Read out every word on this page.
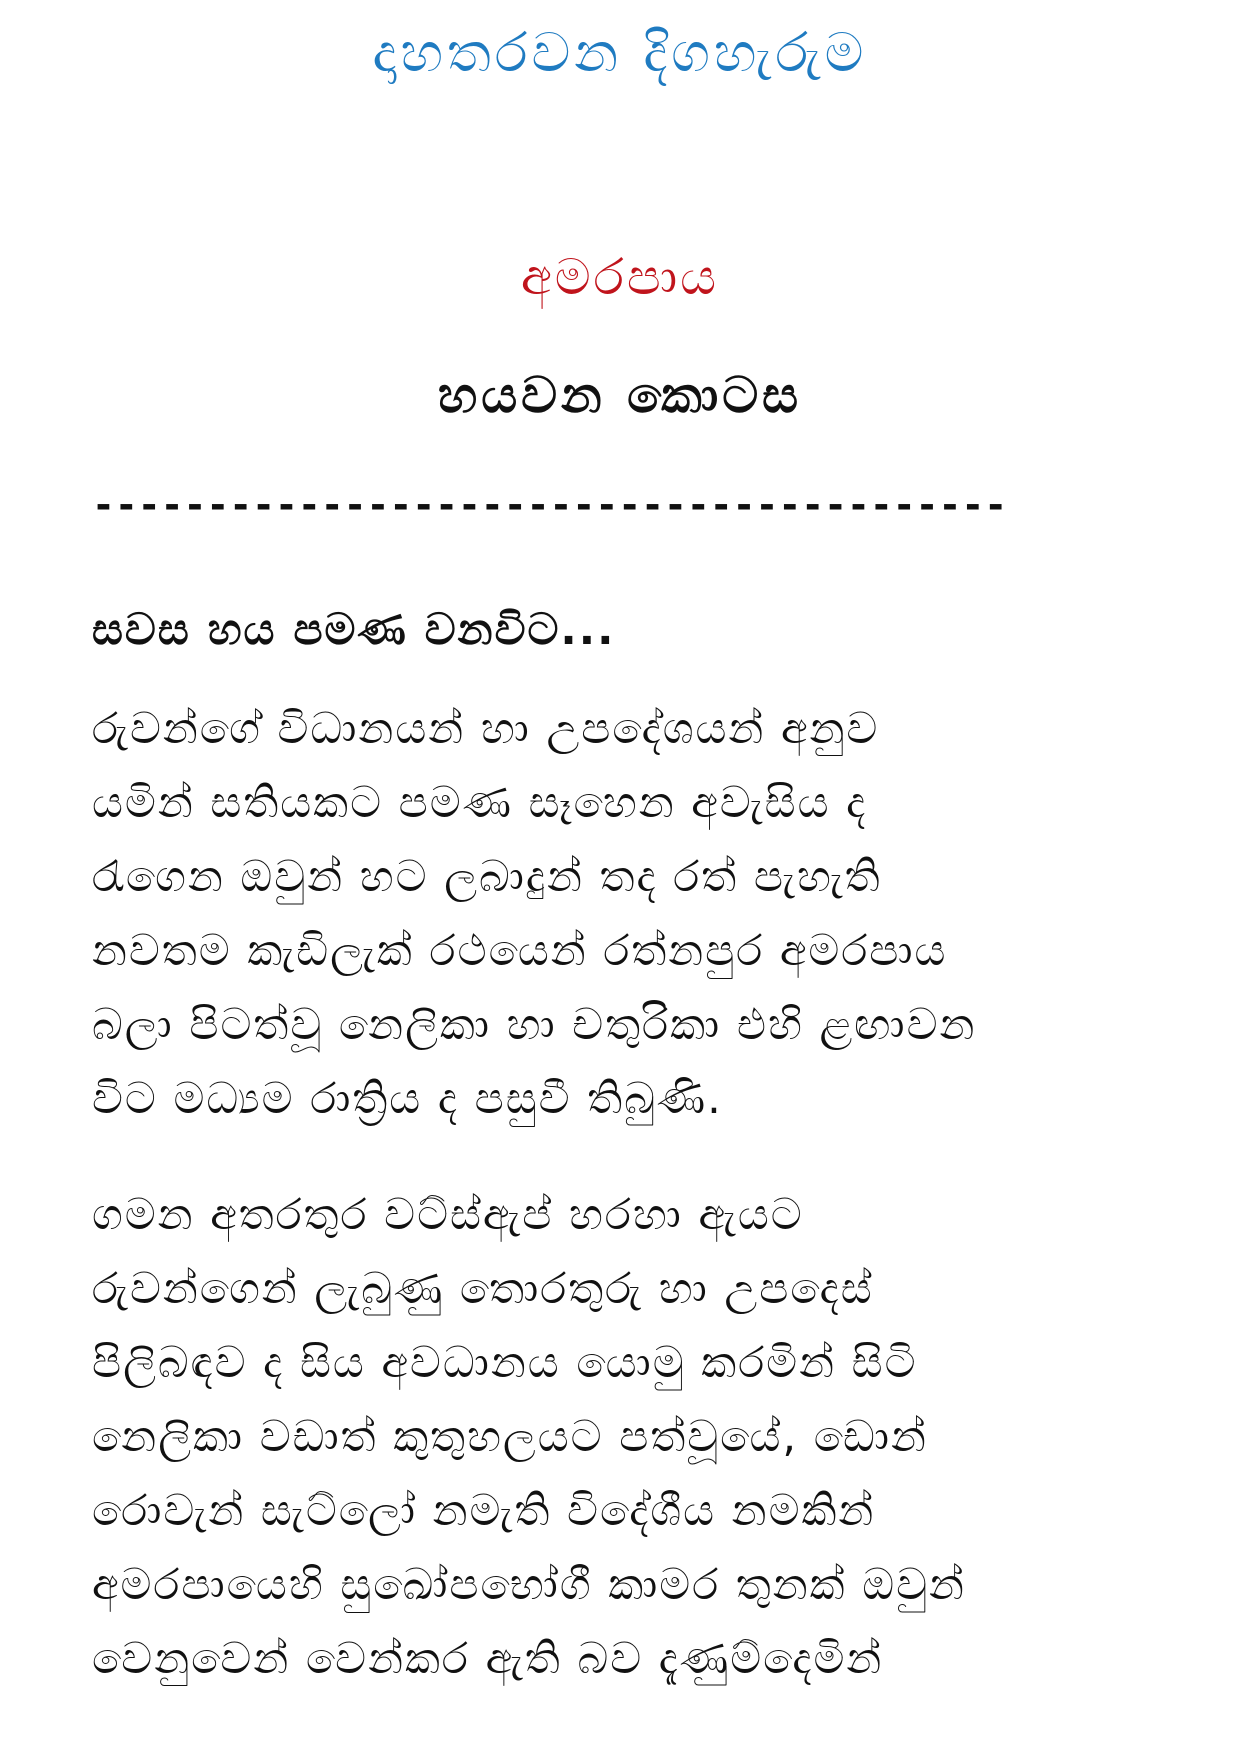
දාහතරවන දිගහැරුම
අමරපාය
හයවන කොටස
----------------------------------------
සවස හය පමණ වනවිට...
රුවන්ගේ විධානයන් හා උපදේශයන් අනුව
යමින් සතියකට පමණ සෑහෙන අවැසිය ද
රැගෙන ඔවුන් හට ලබාදුන් තද රත් පැහැති
නවතම කැඩිලැක් රථයෙන් රත්නපුර අමරපාය
බලා පිටත්වූ නෙලිකා හා චතුරිකා එහි ළඟාවන
විට මධ්‍යම රාත්‍රිය ද පසුවී තිබුණි.
ගමන අතරතුර වට්ස්ඇප් හරහා ඇයට
රුවන්ගෙන් ලැබුණු තොරතුරු හා උපදෙස්
පිලිබඳව ද සිය අවධානය යොමු කරමින් සිටි
නෙලිකා වඩාත් කුතුහලයට පත්වූයේ, ඩොන්
රොවැන් සැට්ලෝ නමැති විදේශීය නමකින්
අමරපායෙහි සුඛෝපභෝගී කාමර තුනක් ඔවුන්
වෙනුවෙන් වෙන්කර ඇති බව දැණුම්දෙමින්
